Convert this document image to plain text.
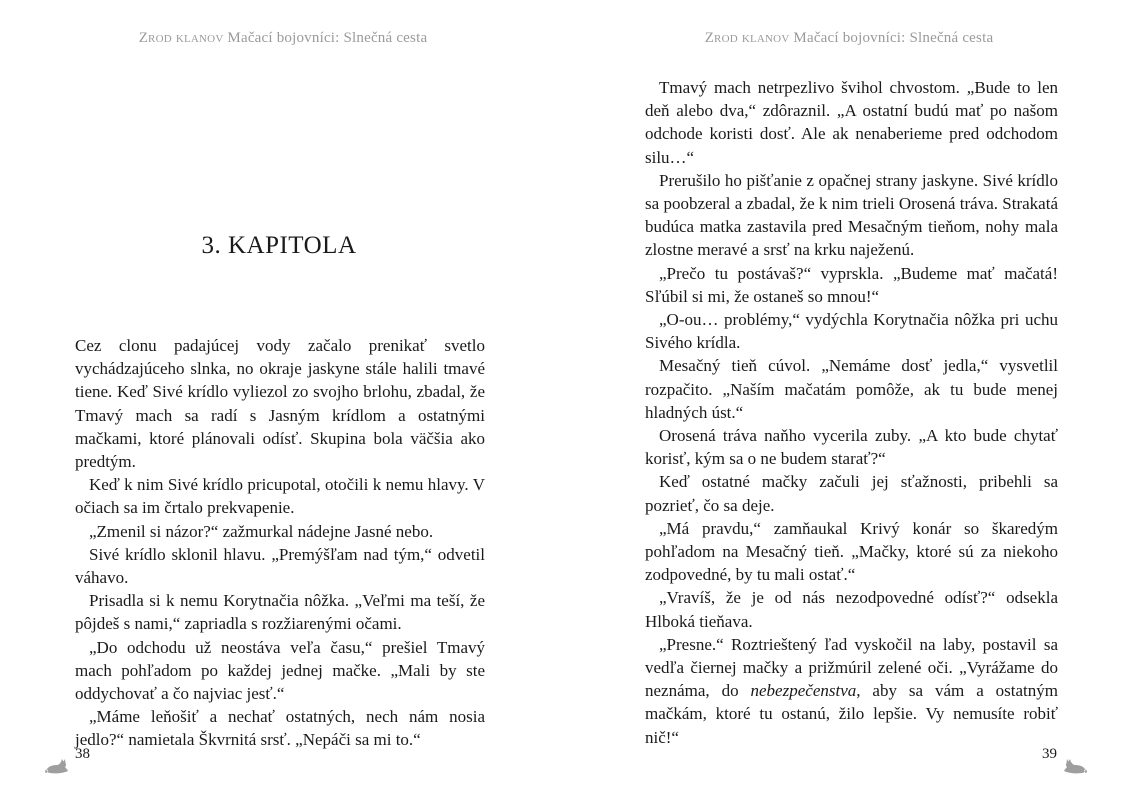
Zrod klanov Mačací bojovníci: Slnečná cesta
3. KAPITOLA

Cez clonu padajúcej vody začalo prenikať svetlo vychádzajúceho slnka, no okraje jaskyne stále halili tmavé tiene. Keď Sivé krídlo vyliezol zo svojho brlohu, zbadal, že Tmavý mach sa radí s Jasným krídlom a ostatnými mačkami, ktoré plánovali odísť. Skupina bola väčšia ako predtým.

Keď k nim Sivé krídlo pricupotal, otočili k nemu hlavy. V očiach sa im črtalo prekvapenie.

„Zmenil si názor?“ zažmurkal nádejne Jasné nebo.

Sivé krídlo sklonil hlavu. „Premýšľam nad tým,“ odvetil váhavo.

Prisadla si k nemu Korytnačia nôžka. „Veľmi ma teší, že pôjdeš s nami,“ zapriadla s rozžiarenými očami.

„Do odchodu už neostáva veľa času,“ prešiel Tmavý mach pohľadom po každej jednej mačke. „Mali by ste oddychovať a čo najviac jesť.“

„Máme leňošiť a nechať ostatných, nech nám nosia jedlo?“ namietala Škvrnitá srsť. „Nepáči sa mi to.“

38
Zrod klanov Mačací bojovníci: Slnečná cesta

Tmavý mach netrpezlivo švihol chvostom. „Bude to len deň alebo dva,“ zdôraznil. „A ostatní budú mať po našom odchode koristi dosť. Ale ak nenaberieme pred odchodom silu…“

Prerušilo ho pišťanie z opačnej strany jaskyne. Sivé krídlo sa poobzeral a zbadal, že k nim trieli Orosená tráva. Strakatá budúca matka zastavila pred Mesačným tieňom, nohy mala zlostne meravé a srsť na krku naježenú.

„Prečo tu postávaš?“ vyprskla. „Budeme mať mačatá! Sľúbil si mi, že ostaneš so mnou!“

„O-ou… problémy,“ vydýchla Korytnačia nôžka pri uchu Sivého krídla.

Mesačný tieň cúvol. „Nemáme dosť jedla,“ vysvetlil rozpačito. „Naším mačatám pomôže, ak tu bude menej hladných úst.“

Orosená tráva naňho vycerila zuby. „A kto bude chytať korisť, kým sa o ne budem starať?“

Keď ostatné mačky začuli jej sťažnosti, pribehli sa pozrieť, čo sa deje.

„Má pravdu,“ zamňaukal Krivý konár so škaredým pohľadom na Mesačný tieň. „Mačky, ktoré sú za niekoho zodpovedné, by tu mali ostať.“

„Vravíš, že je od nás nezodpovedné odísť?“ odsekla Hlboká tieňava.

„Presne.“ Roztrieštený ľad vyskočil na laby, postavil sa vedľa čiernej mačky a prižmúril zelené oči. „Vyrážame do neznáma, do nebezpečenstva, aby sa vám a ostatným mačkám, ktoré tu ostanú, žilo lepšie. Vy nemusíte robiť nič!“

39
